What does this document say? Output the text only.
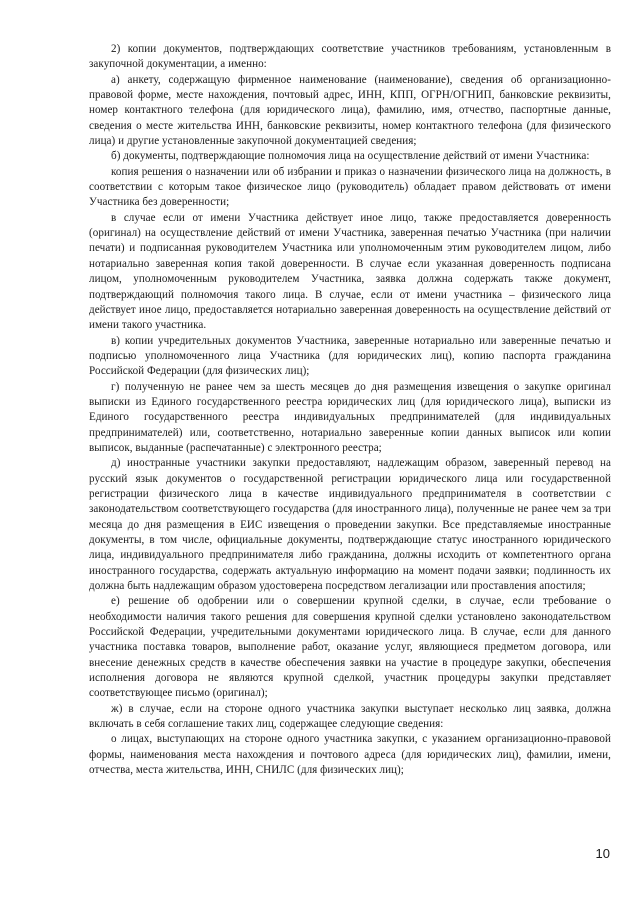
2) копии документов, подтверждающих соответствие участников требованиям, установленным в закупочной документации, а именно:

а) анкету, содержащую фирменное наименование (наименование), сведения об организационно-правовой форме, месте нахождения, почтовый адрес, ИНН, КПП, ОГРН/ОГНИП, банковские реквизиты, номер контактного телефона (для юридического лица), фамилию, имя, отчество, паспортные данные, сведения о месте жительства ИНН, банковские реквизиты, номер контактного телефона (для физического лица) и другие установленные закупочной документацией сведения;

б) документы, подтверждающие полномочия лица на осуществление действий от имени Участника:

копия решения о назначении или об избрании и приказ о назначении физического лица на должность, в соответствии с которым такое физическое лицо (руководитель) обладает правом действовать от имени Участника без доверенности;

в случае если от имени Участника действует иное лицо, также предоставляется доверенность (оригинал) на осуществление действий от имени Участника, заверенная печатью Участника (при наличии печати) и подписанная руководителем Участника или уполномоченным этим руководителем лицом, либо нотариально заверенная копия такой доверенности. В случае если указанная доверенность подписана лицом, уполномоченным руководителем Участника, заявка должна содержать также документ, подтверждающий полномочия такого лица. В случае, если от имени участника – физического лица действует иное лицо, предоставляется нотариально заверенная доверенность на осуществление действий от имени такого участника.

в) копии учредительных документов Участника, заверенные нотариально или заверенные печатью и подписью уполномоченного лица Участника (для юридических лиц), копию паспорта гражданина Российской Федерации (для физических лиц);

г) полученную не ранее чем за шесть месяцев до дня размещения извещения о закупке оригинал выписки из Единого государственного реестра юридических лиц (для юридического лица), выписки из Единого государственного реестра индивидуальных предпринимателей (для индивидуальных предпринимателей) или, соответственно, нотариально заверенные копии данных выписок или копии выписок, выданные (распечатанные) с электронного реестра;

д) иностранные участники закупки предоставляют, надлежащим образом, заверенный перевод на русский язык документов о государственной регистрации юридического лица или государственной регистрации физического лица в качестве индивидуального предпринимателя в соответствии с законодательством соответствующего государства (для иностранного лица), полученные не ранее чем за три месяца до дня размещения в ЕИС извещения о проведении закупки. Все представляемые иностранные документы, в том числе, официальные документы, подтверждающие статус иностранного юридического лица, индивидуального предпринимателя либо гражданина, должны исходить от компетентного органа иностранного государства, содержать актуальную информацию на момент подачи заявки; подлинность их должна быть надлежащим образом удостоверена посредством легализации или проставления апостиля;

е) решение об одобрении или о совершении крупной сделки, в случае, если требование о необходимости наличия такого решения для совершения крупной сделки установлено законодательством Российской Федерации, учредительными документами юридического лица. В случае, если для данного участника поставка товаров, выполнение работ, оказание услуг, являющиеся предметом договора, или внесение денежных средств в качестве обеспечения заявки на участие в процедуре закупки, обеспечения исполнения договора не являются крупной сделкой, участник процедуры закупки представляет соответствующее письмо (оригинал);

ж) в случае, если на стороне одного участника закупки выступает несколько лиц заявка, должна включать в себя соглашение таких лиц, содержащее следующие сведения:

о лицах, выступающих на стороне одного участника закупки, с указанием организационно-правовой формы, наименования места нахождения и почтового адреса (для юридических лиц), фамилии, имени, отчества, места жительства, ИНН, СНИЛС (для физических лиц);

10
